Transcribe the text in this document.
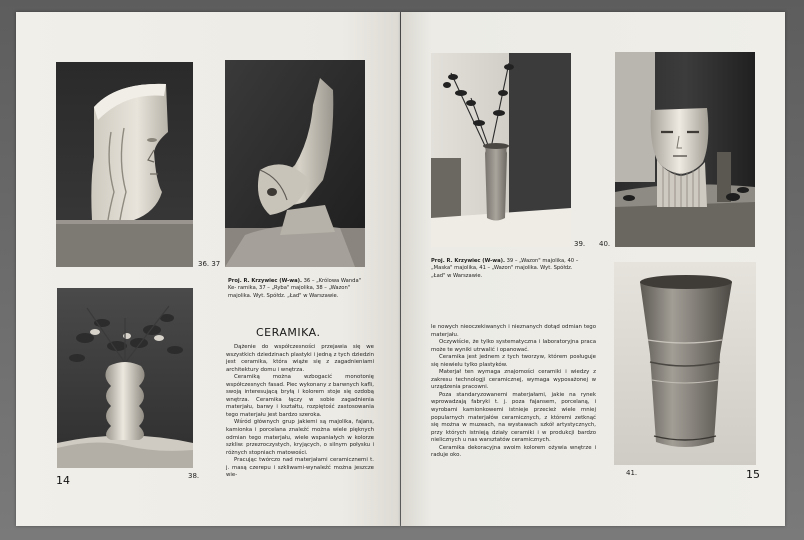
36. 37
Proj. R. Krzywiec (W-wa). 36 – „Królowa Wanda" Ke- ramika, 37 – „Ryba" majolika, 38 – „Wazon" majolika. Wyt. Spółdz. „Ład" w Warszawie.
38.
14
CERAMIKA.

Dążenie do współczesności przejawia się we wszystkich dziedzinach plastyki i jedną z tych dziedzin jest ceramika, która wiąże się z zagadnieniami architektury domu i wnętrza.

Ceramiką można wzbogacić monotonię współczesnych fasad. Piec wykonany z barwnych kafli, swoją interesującą bryłą i kolorem stoje się ozdobą wnętrza. Ceramika łączy w sobie zagadnienia materjału, barwy i kształtu, rozpiętość zastosowania tego materjału jest bardzo szeroka.

Wśród głównych grup jakiemi są majolika, fajans, kamionka i porcelana znaleźć można wiele pięknych odmian tego materjału, wiele wspaniałych w kolorze szkliw: przezroczystych, kryjących, o silnym połysku i różnych stopniach matowości.

Pracując twórczo nad materjałami ceramicznemi t. j. masą czerepu i szkliwami-wynaleźć można jeszcze wie-

39. 40.
Proj. R. Krzywiec (W-wa). 39 – „Wazon" majolika, 40 – „Maska" majolika, 41 – „Wazon" majolika. Wyt. Spółdz. „Ład" w Warszawie.
41.	15

le nowych nieoczekiwanych i nieznanych dotąd odmian tego materjału.

Oczywiście, że tylko systematyczna i laboratoryjna praca może te wyniki utrwalić i opanować.

Ceramika jest jednem z tych tworzyw, którem posługuje się niewielu tylko plastyków.

Materjał ten wymaga znajomości ceramiki i wiedzy z zakresu technologji ceramicznej, wymaga wyposażonej w urządzenia pracowni.

Poza standaryzowanemi materjałami, jakie na rynek wprowadzają fabryki t. j. poza fajansem, porcelaną, i wyrobami kamionkowemi istnieje przecież wiele mniej popularnych materjałów ceramicznych, z któremi zetknąć się można w muzeach, na wystawach szkół artystycznych, przy których istnieją działy ceramiki i w produkcji bardzo nielicznych u nas warsztatów ceramicznych.

Ceramika dekoracyjna swoim kolorem ożywia wnętrze i raduje oko.
